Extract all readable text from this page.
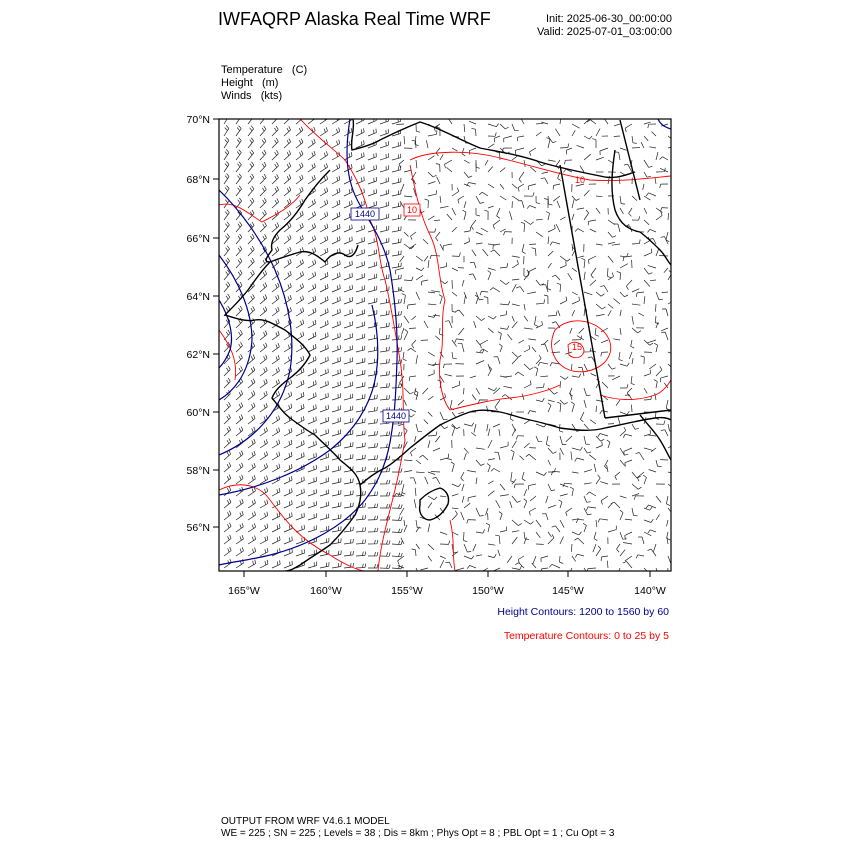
IWFAQRP Alaska Real Time WRF	Init: 2025-06-30_00:00:00
Valid: 2025-07-01_03:00:00
Temperature   (C)
Height   (m)
Winds   (kts)
70°N
68°N
66°N
64°N
62°N
60°N
58°N
56°N
165°W	160°W	155°W	150°W	145°W	140°W
1440
1440
10
10
15
Height Contours: 1200 to 1560 by 60
Temperature Contours: 0 to 25 by 5
OUTPUT FROM WRF V4.6.1 MODEL
WE = 225 ; SN = 225 ; Levels = 38 ; Dis = 8km ; Phys Opt = 8 ; PBL Opt = 1 ; Cu Opt = 3
